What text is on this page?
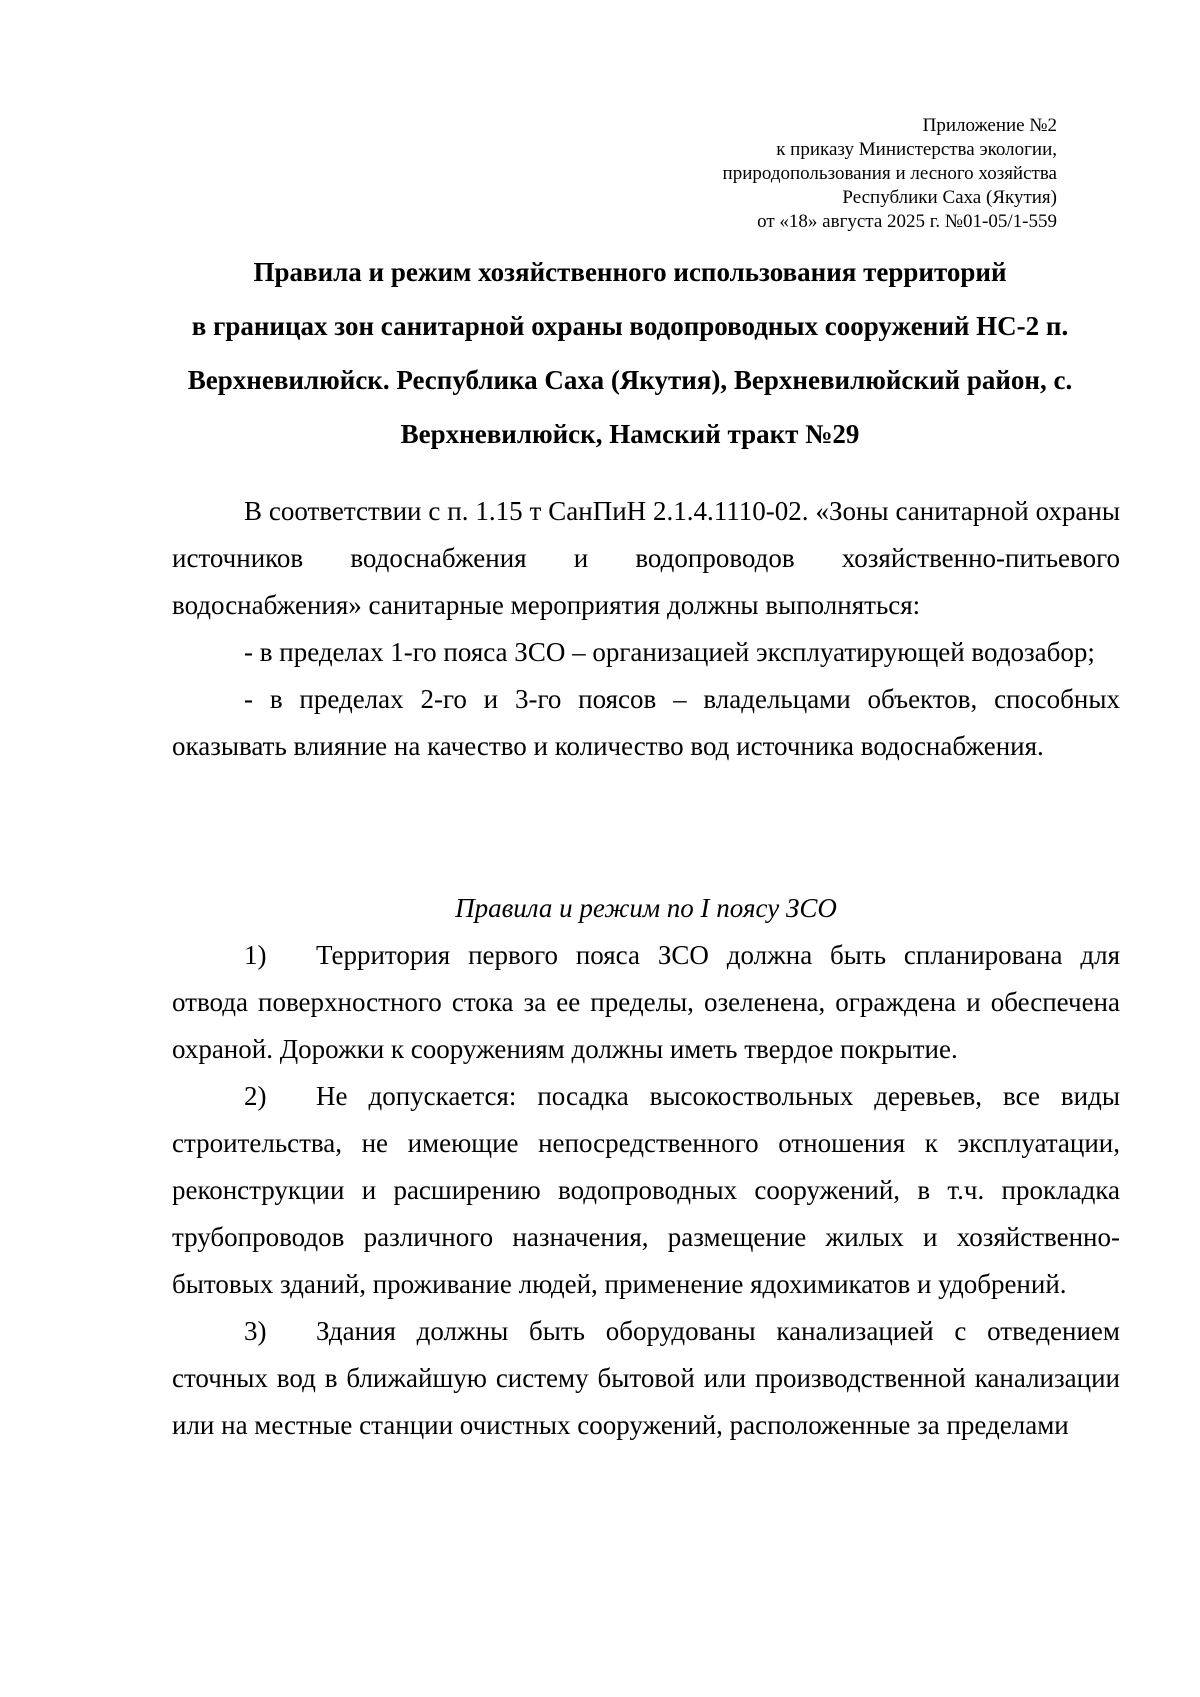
Приложение №2
к приказу Министерства экологии,
природопользования и лесного хозяйства
Республики Саха (Якутия)
от «18» августа 2025 г. №01-05/1-559
Правила и режим хозяйственного использования территорий
в границах зон санитарной охраны водопроводных сооружений НС-2 п.
Верхневилюйск. Республика Саха (Якутия), Верхневилюйский район, с.
Верхневилюйск, Намский тракт №29

В соответствии с п. 1.15 т СанПиН 2.1.4.1110-02. «Зоны санитарной охраны источников водоснабжения и водопроводов хозяйственно-питьевого водоснабжения» санитарные мероприятия должны выполняться:

- в пределах 1-го пояса ЗСО – организацией эксплуатирующей водозабор;

- в пределах 2-го и 3-го поясов – владельцами объектов, способных оказывать влияние на качество и количество вод источника водоснабжения.

Правила и режим по I поясу ЗСО

1) Территория первого пояса ЗСО должна быть спланирована для отвода поверхностного стока за ее пределы, озеленена, ограждена и обеспечена охраной. Дорожки к сооружениям должны иметь твердое покрытие.

2) Не допускается: посадка высокоствольных деревьев, все виды строительства, не имеющие непосредственного отношения к эксплуатации, реконструкции и расширению водопроводных сооружений, в т.ч. прокладка трубопроводов различного назначения, размещение жилых и хозяйственно-бытовых зданий, проживание людей, применение ядохимикатов и удобрений.

3) Здания должны быть оборудованы канализацией с отведением сточных вод в ближайшую систему бытовой или производственной канализации или на местные станции очистных сооружений, расположенные за пределами
